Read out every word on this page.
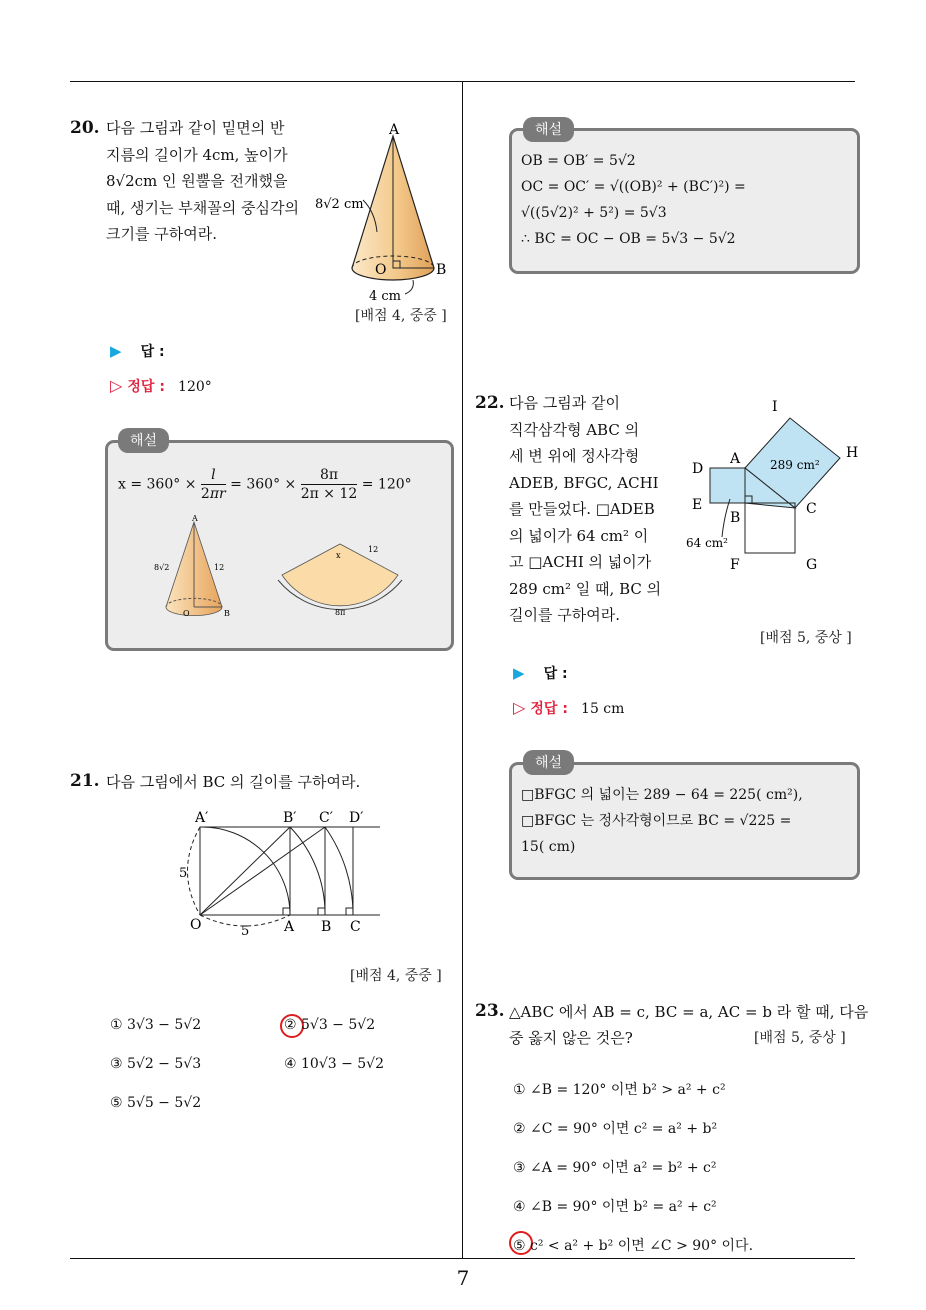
7
20. 다음 그림과 같이 밑면의 반
지름의 길이가 4cm, 높이가
8√2cm 인 원뿔을 전개했을
때, 생기는 부채꼴의 중심각의
크기를 구하여라.
A
O	B
8√2 cm
4 cm
[배점 4, 중중 ]
▶ 답 :
▷ 정답 : 120°
해설
$x = 360^\circ \times \frac{l}{2\pi r} = 360^\circ \times \frac{8\pi}{2\pi \times 12} = 120^\circ$
A
O	B
8√2	12
x
12
8π
21. 다음 그림에서 BC 의 길이를 구하여라.
A′	B′ C′ D′
O	A B C
5
5
[배점 4, 중중 ]
① 3√3 − 5√2	② 5√3 − 5√2
③ 5√2 − 5√3	④ 10√3 − 5√2
⑤ 5√5 − 5√2
해설
OB = OB′ = 5√2
OC = OC′ = √((OB)² + (BC′)²) =
√((5√2)² + 5²) = 5√3
∴ BC = OC − OB = 5√3 − 5√2
22. 다음 그림과 같이
직각삼각형 ABC 의
세 변 위에 정사각형
ADEB, BFGC, ACHI
를 만들었다. □ADEB
의 넓이가 64 cm² 이
고 □ACHI 의 넓이가
289 cm² 일 때, BC 의
길이를 구하여라.
I
H
A
D
E
B
C
F	G
289 cm²
64 cm²
[배점 5, 중상 ]
▶ 답 :
▷ 정답 : 15 cm
해설
□BFGC 의 넓이는 289 − 64 = 225( cm²),
□BFGC 는 정사각형이므로 BC = √225 =
15( cm)
23. △ABC 에서 AB = c, BC = a, AC = b 라 할 때, 다음
중 옳지 않은 것은?	[배점 5, 중상 ]
① ∠B = 120° 이면 b² > a² + c²
② ∠C = 90° 이면 c² = a² + b²
③ ∠A = 90° 이면 a² = b² + c²
④ ∠B = 90° 이면 b² = a² + c²
⑤ c² < a² + b² 이면 ∠C > 90° 이다.
